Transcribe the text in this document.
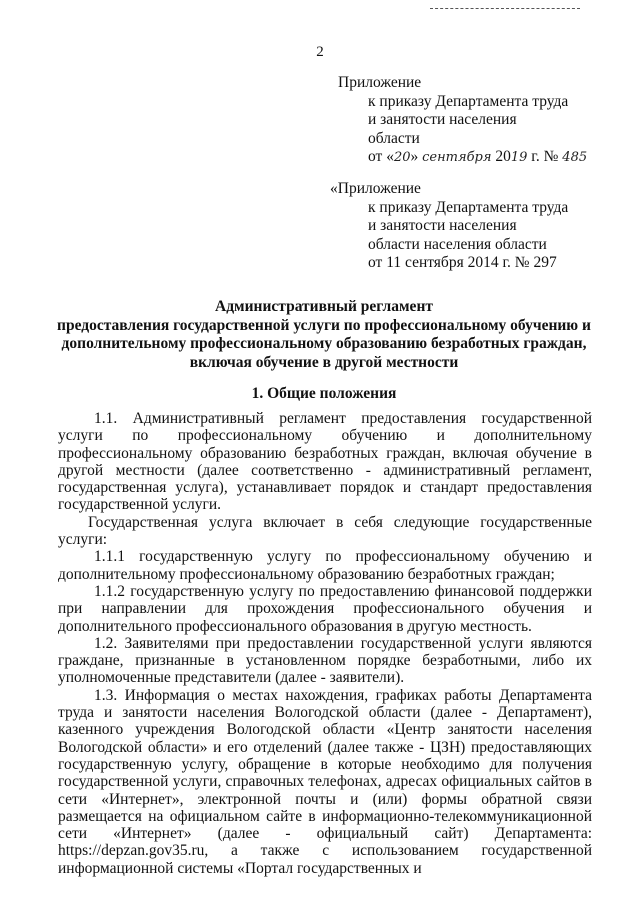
2
Приложение
к приказу Департамента труда
и занятости населения
области
от «20» сентября 2019 г. № 485
«Приложение
к приказу Департамента труда
и занятости населения
области населения области
от 11 сентября 2014 г. № 297
Административный регламент
предоставления государственной услуги по профессиональному обучению и
дополнительному профессиональному образованию безработных граждан,
включая обучение в другой местности
1. Общие положения

1.1. Административный регламент предоставления государственной услуги по профессиональному обучению и дополнительному профессиональному образованию безработных граждан, включая обучение в другой местности (далее соответственно - административный регламент, государственная услуга), устанавливает порядок и стандарт предоставления государственной услуги.

Государственная услуга включает в себя следующие государственные услуги:

1.1.1 государственную услугу по профессиональному обучению и дополнительному профессиональному образованию безработных граждан;

1.1.2 государственную услугу по предоставлению финансовой поддержки при направлении для прохождения профессионального обучения и дополнительного профессионального образования в другую местность.

1.2. Заявителями при предоставлении государственной услуги являются граждане, признанные в установленном порядке безработными, либо их уполномоченные представители (далее - заявители).

1.3. Информация о местах нахождения, графиках работы Департамента труда и занятости населения Вологодской области (далее - Департамент), казенного учреждения Вологодской области «Центр занятости населения Вологодской области» и его отделений (далее также - ЦЗН) предоставляющих государственную услугу, обращение в которые необходимо для получения государственной услуги, справочных телефонах, адресах официальных сайтов в сети «Интернет», электронной почты и (или) формы обратной связи размещается на официальном сайте в информационно-телекоммуникационной сети «Интернет» (далее - официальный сайт) Департамента: https://depzan.gov35.ru, а также с использованием государственной информационной системы «Портал государственных и
